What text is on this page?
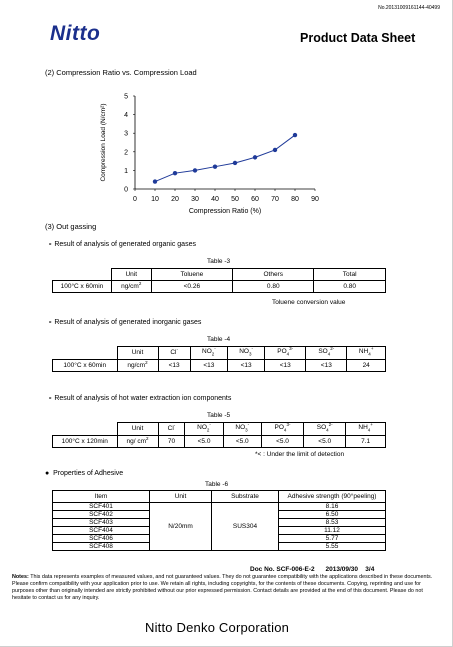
No.20131009161144-40499
Nitto	Product Data Sheet
(2) Compression Ratio vs. Compression Load
0
1
2
3
4
5
0 10 20 30 40 50 60 70 80 90
Compression Ratio (%)
Compression Load (N/cm²)
(3) Out gassing
∘ Result of analysis of generated organic gases
Table -3
	Unit	Toluene	Others	Total
100°C x 60min	$ng/cm^2$	<0.26	0.80	0.80
Toluene conversion value
∘ Result of analysis of generated inorganic gases
Table -4
	Unit	Cl-	$NO_2^-$	$NO_3^-$	$PO_4^{3-}$	$SO_4^{2-}$	$NH_4^+$
100°C x 60min	$ng/cm^2$	<13	<13	<13	<13	<13	24
∘ Result of analysis of hot water extraction ion components
Table -5
	Unit	Cl-	$NO_2^-$	$NO_3^-$	$PO_4^{3-}$	$SO_4^{2-}$	$NH_4^+$
100°C x 120min	ng/ $cm^2$	70	<5.0	<5.0	<5.0	<5.0	7.1
*< : Under the limit of detection
●  Properties of Adhesive
Table -6
Item	Unit	Substrate	Adhesive strength (90°peeling)
SCF401	N/20mm	SUS304	8.16
SCF402			6.50
SCF403			8.53
SCF404			11.12
SCF406			5.77
SCF408			5.55
Doc No. SCF-006-E-2 2013/09/30 3/4
Notes: This data represents examples of measured values, and not guaranteed values. They do not guarantee compatibility with the applications described in these documents. Please confirm compatibility with your application prior to use. We retain all rights, including copyrights, for the contents of these documents. Copying, reprinting and use for purposes other than originally intended are strictly prohibited without our prior expressed permission. Contact details are provided at the end of this document. Please do not hesitate to contact us for any inquiry.
Nitto Denko Corporation
